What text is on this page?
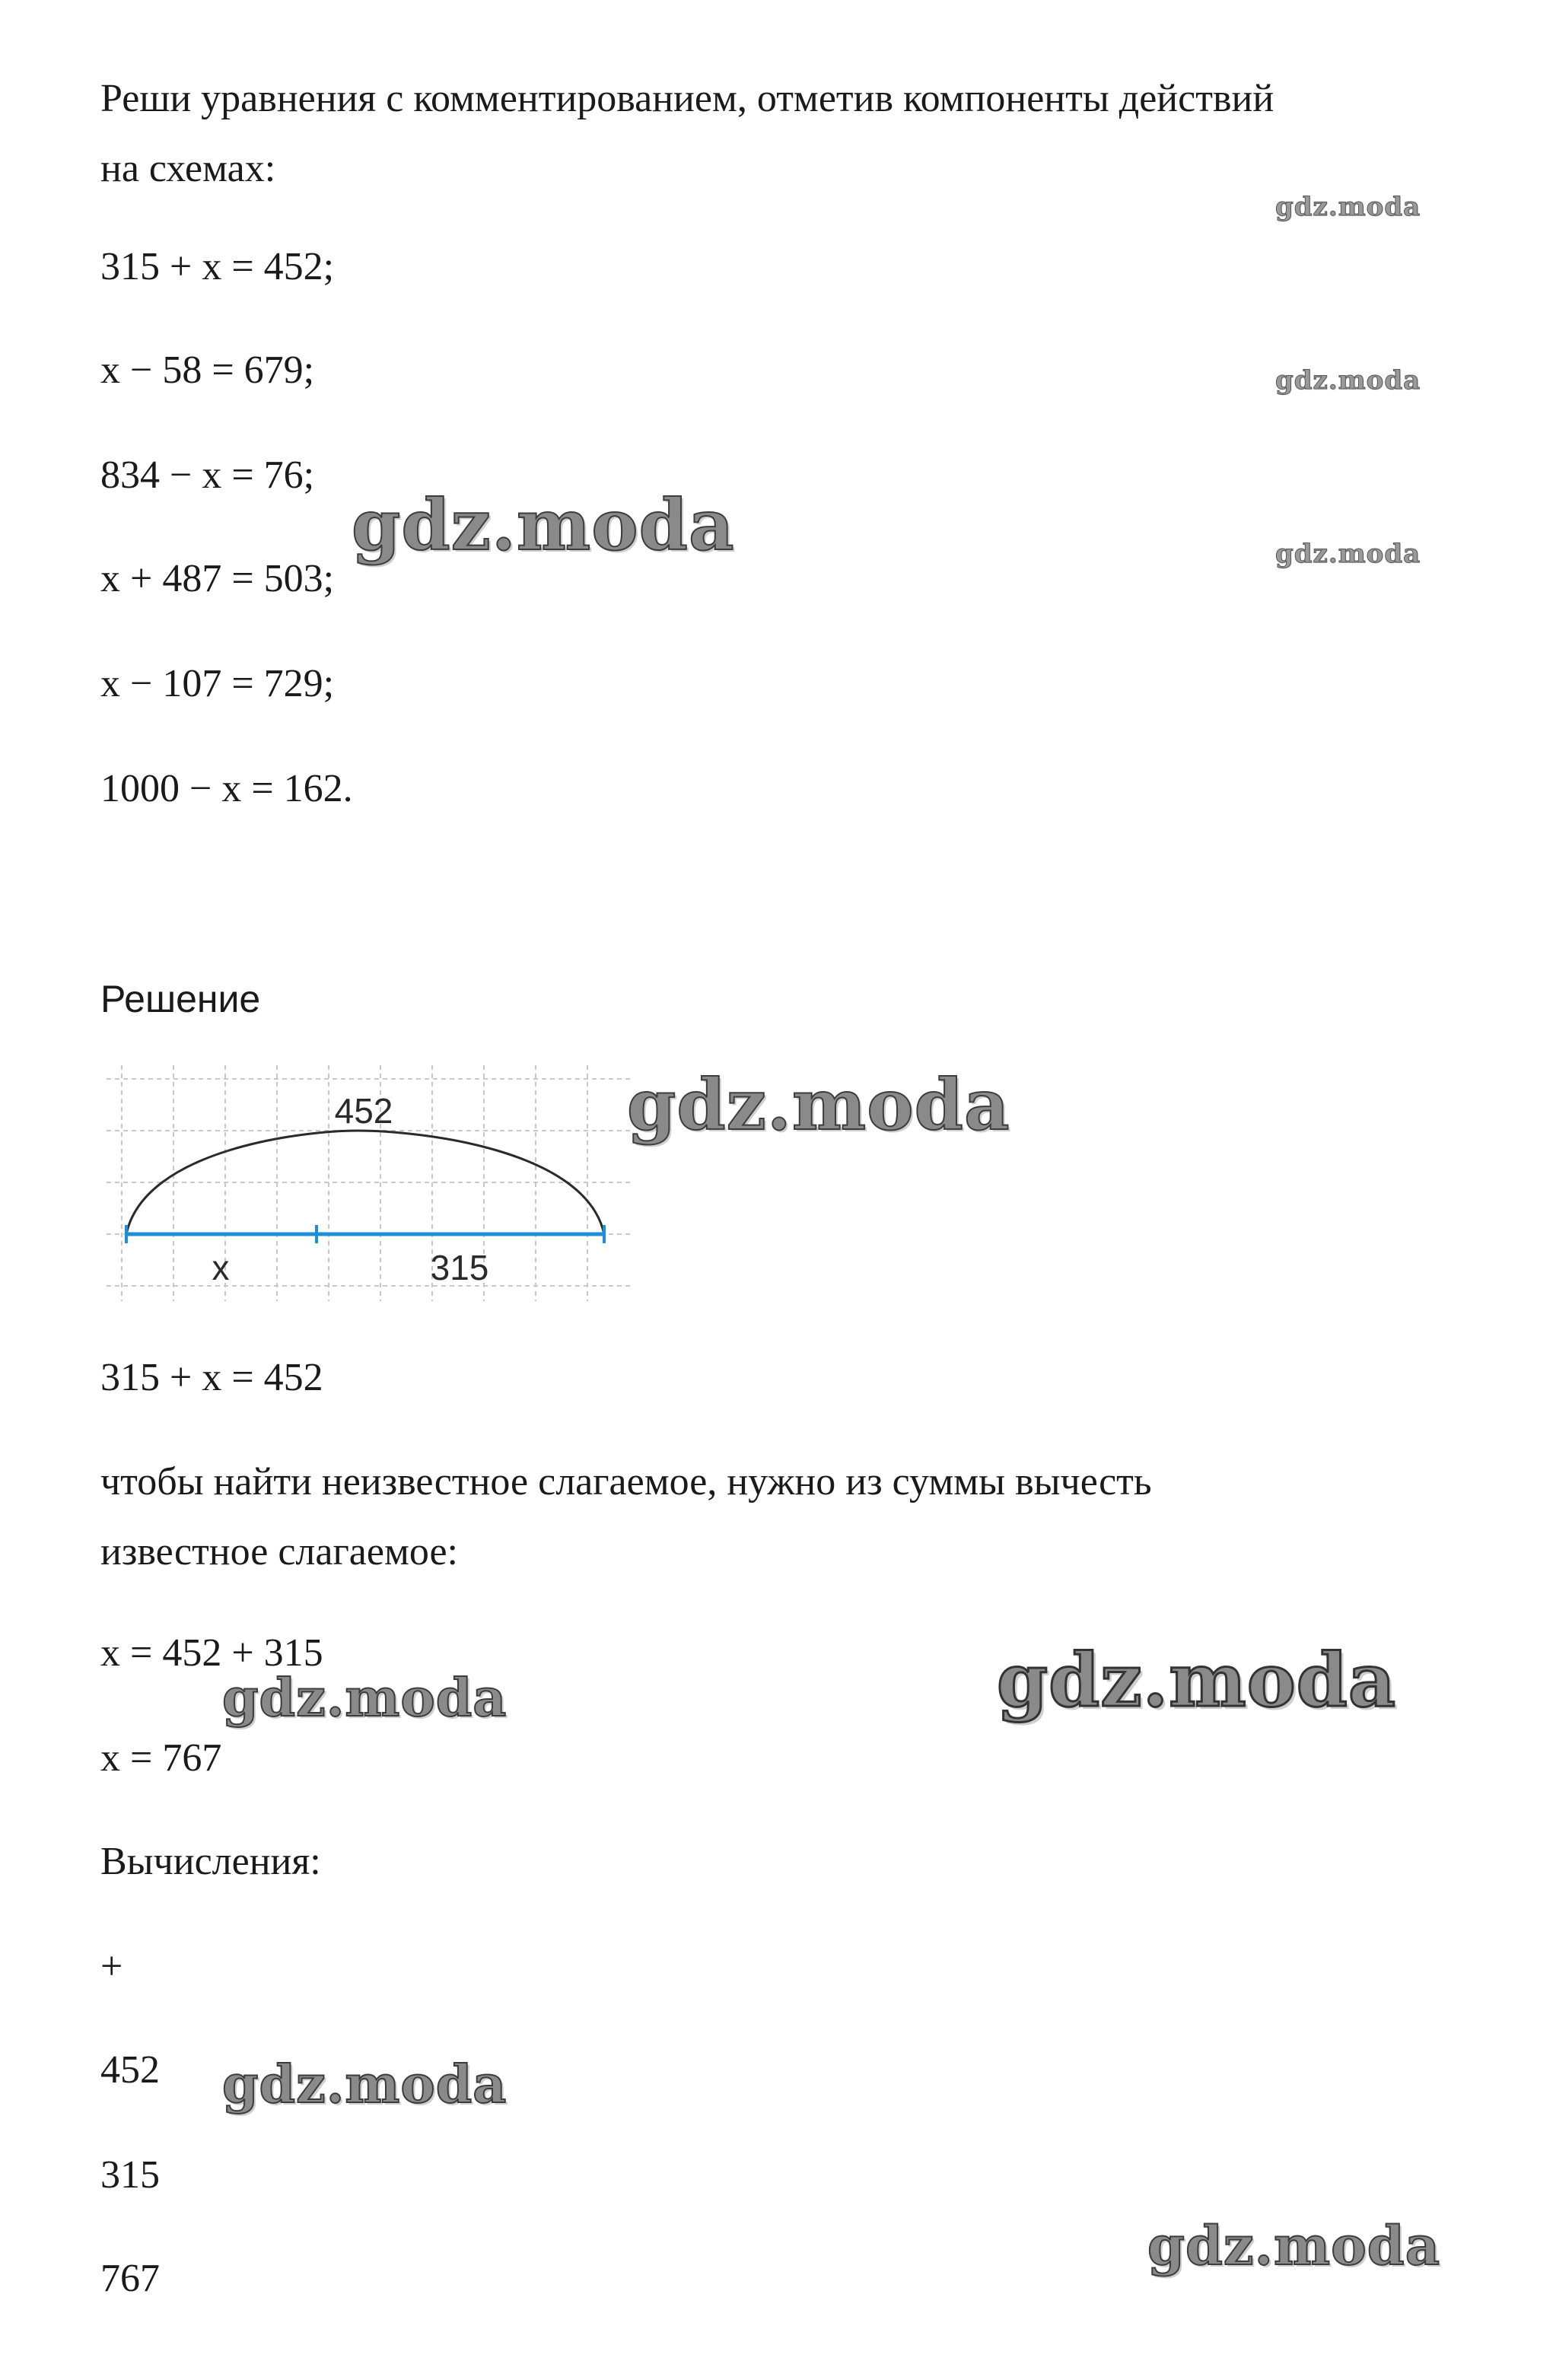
Реши уравнения с комментированием, отметив компоненты действий
на схемах:
315 + x = 452;
x − 58 = 679;
834 − x = 76;
x + 487 = 503;
x − 107 = 729;
1000 − x = 162.
Решение
452
x	315
315 + x = 452
чтобы найти неизвестное слагаемое, нужно из суммы вычесть
известное слагаемое:
x = 452 + 315
x = 767
Вычисления:
+
452
315
767
gdz.moda
gdz.moda
gdz.moda
gdz.moda
gdz.moda
gdz.moda
gdz.moda
gdz.moda
gdz.moda
